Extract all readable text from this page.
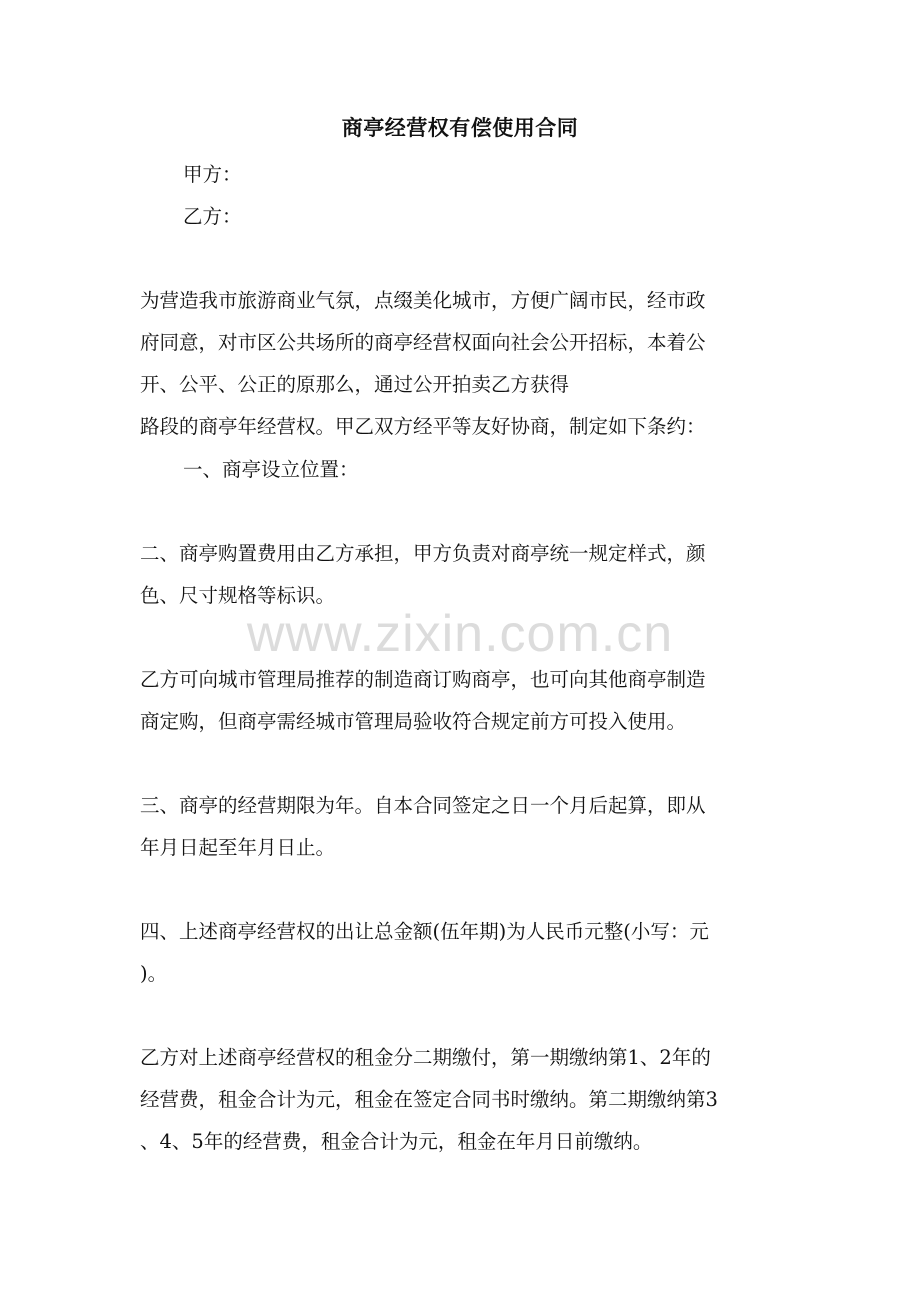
商亭经营权有偿使用合同
甲方：
乙方：
为营造我市旅游商业气氛，点缀美化城市，方便广阔市民，经市政
府同意，对市区公共场所的商亭经营权面向社会公开招标，本着公
开、公平、公正的原那么，通过公开拍卖乙方获得
路段的商亭年经营权。甲乙双方经平等友好协商，制定如下条约：
一、商亭设立位置：
二、商亭购置费用由乙方承担，甲方负责对商亭统一规定样式，颜
色、尺寸规格等标识。
www.zixin.com.cn
乙方可向城市管理局推荐的制造商订购商亭，也可向其他商亭制造
商定购，但商亭需经城市管理局验收符合规定前方可投入使用。
三、商亭的经营期限为年。自本合同签定之日一个月后起算，即从
年月日起至年月日止。
四、上述商亭经营权的出让总金额(伍年期)为人民币元整(小写：元
)。
乙方对上述商亭经营权的租金分二期缴付，第一期缴纳第1、2年的
经营费，租金合计为元，租金在签定合同书时缴纳。第二期缴纳第3
、4、5年的经营费，租金合计为元，租金在年月日前缴纳。
